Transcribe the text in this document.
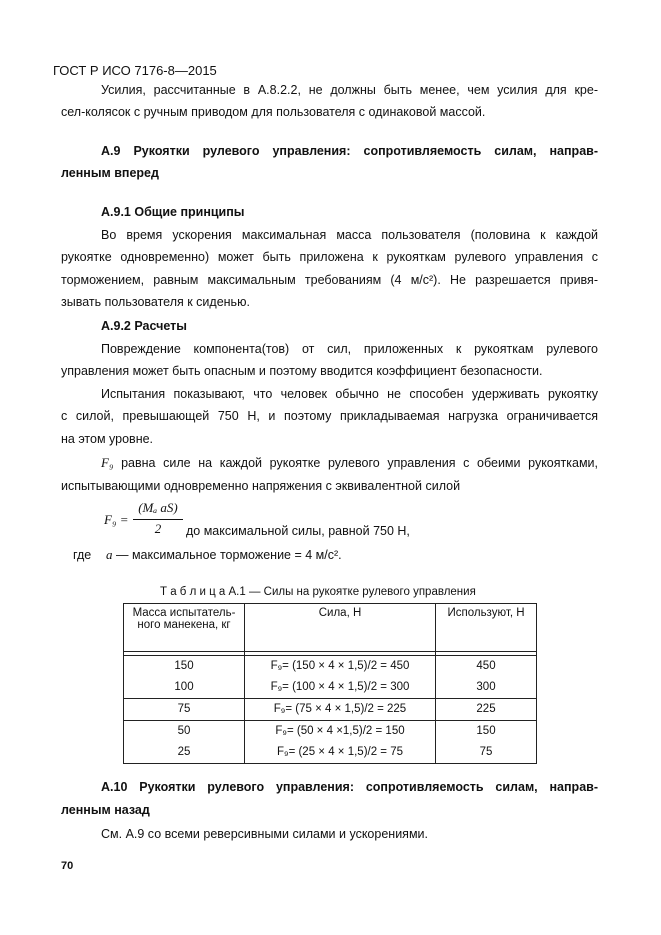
ГОСТ Р ИСО 7176-8—2015
Усилия, рассчитанные в А.8.2.2, не должны быть менее, чем усилия для кре-
сел-колясок с ручным приводом для пользователя с одинаковой массой.
А.9 Рукоятки рулевого управления: сопротивляемость силам, направ-
ленным вперед
А.9.1 Общие принципы
Во время ускорения максимальная масса пользователя (половина к каждой
рукоятке одновременно) может быть приложена к рукояткам рулевого управления с
торможением, равным максимальным требованиям (4 м/с²). Не разрешается привя-
зывать пользователя к сиденью.
А.9.2 Расчеты
Повреждение компонента(тов) от сил, приложенных к рукояткам рулевого
управления может быть опасным и поэтому вводится коэффициент безопасности.
Испытания показывают, что человек обычно не способен удерживать рукоятку
с силой, превышающей 750 Н, и поэтому прикладываемая нагрузка ограничивается
на этом уровне.
F₉ равна силе на каждой рукоятке рулевого управления с обеими рукоятками,
испытывающими одновременно напряжения с эквивалентной силой
F₉ =
(Mₐ aS)
2	до максимальной силы, равной 750 Н,
где a — максимальное торможение = 4 м/с².
Т а б л и ц а А.1 — Силы на рукоятке рулевого управления
Масса испытатель-
ного манекена, кг	Сила, Н	Используют, Н

150	F₉= (150 × 4 × 1,5)/2 = 450	450

100	F₉= (100 × 4 × 1,5)/2 = 300	300

75	F₉= (75 × 4 × 1,5)/2 = 225	225

50	F₉= (50 × 4 ×1,5)/2 = 150	150

25	F₉= (25 × 4 × 1,5)/2 = 75	75
А.10 Рукоятки рулевого управления: сопротивляемость силам, направ-
ленным назад
См. А.9 со всеми реверсивными силами и ускорениями.
70
